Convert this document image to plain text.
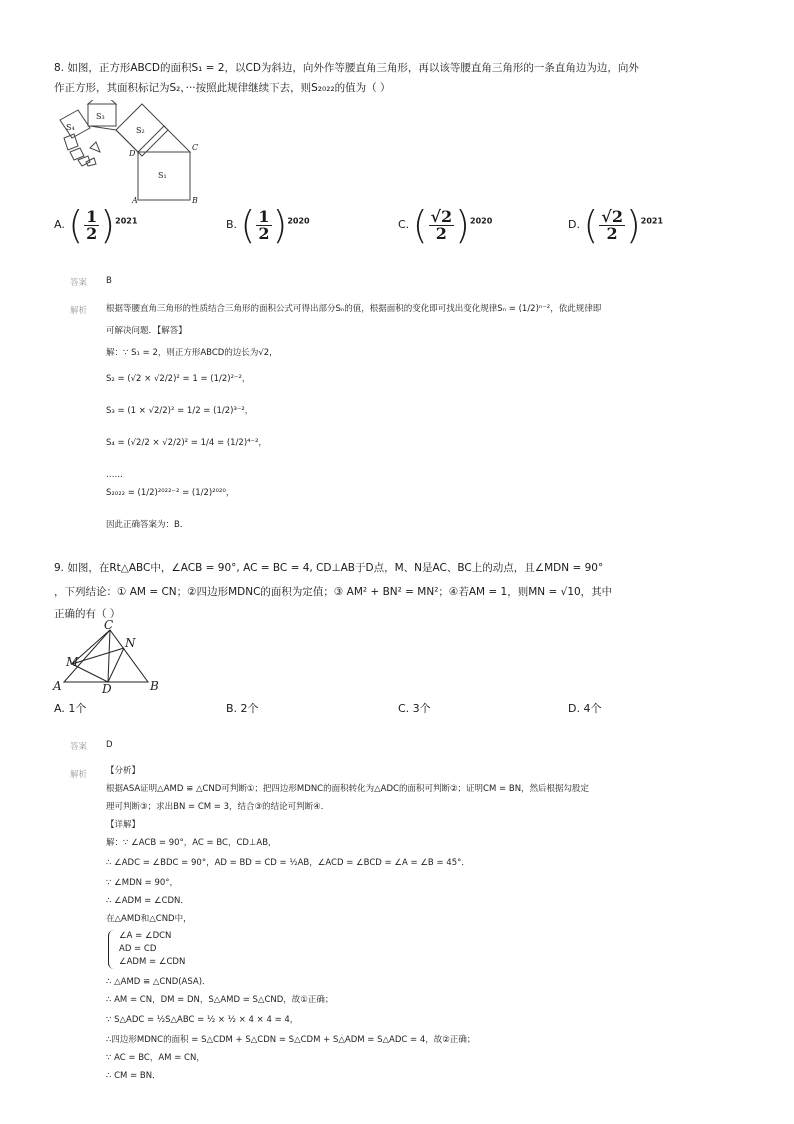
8. 如图，正方形ABCD的面积S₁ = 2，以CD为斜边，向外作等腰直角三角形，再以该等腰直角三角形的一条直角边为边，向外
作正方形，其面积标记为S₂，···按照此规律继续下去，则S₂₀₂₂的值为（ ）
S₄
S₃
S₂
S₁
A	B
C
D
A. ( $\frac{1}{2} )^{2021}$	B. ( $\frac{1}{2} )^{2020}$	C. ( $\frac{√2}{2} )^{2020}$	D. ( $\frac{√2}{2} )^{2021}$
答案 B
解析 根据等腰直角三角形的性质结合三角形的面积公式可得出部分Sₙ的值，根据面积的变化即可找出变化规律Sₙ = (1/2)ⁿ⁻²，依此规律即
可解决问题．【解答】
解：∵ S₁ = 2，则正方形ABCD的边长为√2，
S₂ = (√2 × √2/2)² = 1 = (1/2)²⁻²，
S₃ = (1 × √2/2)² = 1/2 = (1/2)³⁻²，
S₄ = (√2/2 × √2/2)² = 1/4 = (1/2)⁴⁻²，
……
S₂₀₂₂ = (1/2)²⁰²²⁻² = (1/2)²⁰²⁰，
因此正确答案为：B．
9. 如图，在Rt△ABC中，∠ACB = 90°, AC = BC = 4, CD⊥AB于D点，M、N是AC、BC上的动点，且∠MDN = 90°
，下列结论：① AM = CN；②四边形MDNC的面积为定值；③ AM² + BN² = MN²；④若AM = 1，则MN = √10，其中
正确的有（ ）
C
N
M
A	D	B
A. 1个	B. 2个	C. 3个	D. 4个
答案 D
解析 【分析】
根据ASA证明△AMD ≌ △CND可判断①；把四边形MDNC的面积转化为△ADC的面积可判断②；证明CM = BN，然后根据勾股定
理可判断③；求出BN = CM = 3，结合③的结论可判断④．
【详解】
解：∵ ∠ACB = 90°，AC = BC，CD⊥AB，
∴ ∠ADC = ∠BDC = 90°，AD = BD = CD = ½AB，∠ACD = ∠BCD = ∠A = ∠B = 45°．
∵ ∠MDN = 90°，
∴ ∠ADM = ∠CDN．
在△AMD和△CND中，
∠A = ∠DCN
AD = CD
∠ADM = ∠CDN
∴ △AMD ≌ △CND(ASA)．
∴ AM = CN，DM = DN，S△AMD = S△CND，故①正确；
∵ S△ADC = ½S△ABC = ½ × ½ × 4 × 4 = 4，
∴四边形MDNC的面积 = S△CDM + S△CDN = S△CDM + S△ADM = S△ADC = 4，故②正确；
∵ AC = BC，AM = CN，
∴ CM = BN．
